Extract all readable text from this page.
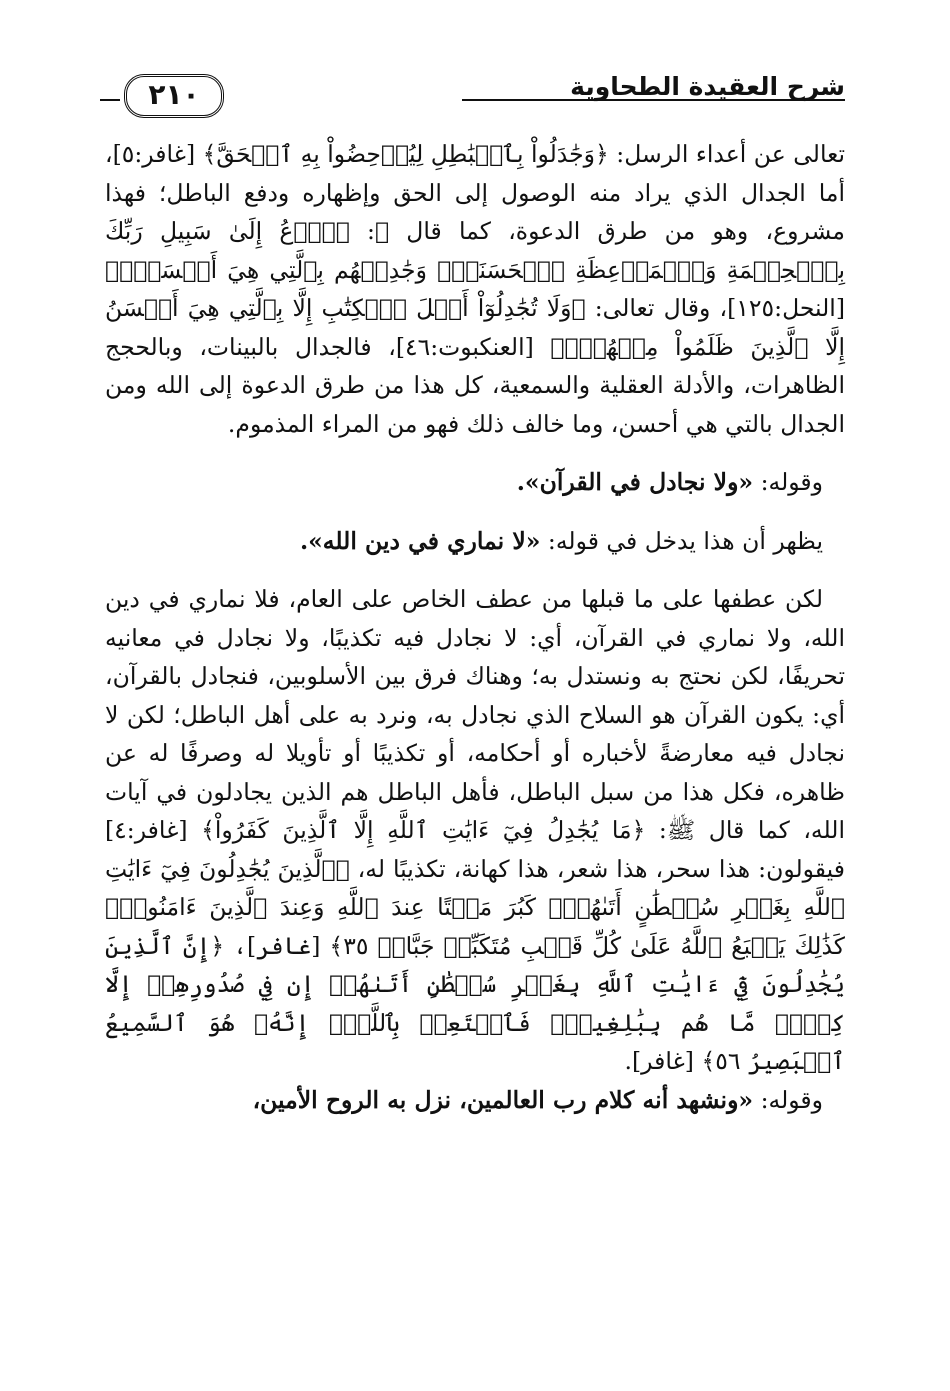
شرح العقيدة الطحاوية
٢١٠

تعالى عن أعداء الرسل: ﴿وَجَٰدَلُواْ بِٱلۡبَٰطِلِ لِيُدۡحِضُواْ بِهِ ٱلۡحَقَّ﴾ [غافر:٥]، أما الجدال الذي يراد منه الوصول إلى الحق وإظهاره ودفع الباطل؛ فهذا مشروع، وهو من طرق الدعوة، كما قال ﷺ: ﴿ٱدۡعُ إِلَىٰ سَبِيلِ رَبِّكَ بِٱلۡحِكۡمَةِ وَٱلۡمَوۡعِظَةِ ٱلۡحَسَنَةِۖ وَجَٰدِلۡهُم بِٱلَّتِي هِيَ أَحۡسَنُۚ﴾ [النحل:١٢٥]، وقال تعالى: ﴿وَلَا تُجَٰدِلُوٓاْ أَهۡلَ ٱلۡكِتَٰبِ إِلَّا بِٱلَّتِي هِيَ أَحۡسَنُ إِلَّا ٱلَّذِينَ ظَلَمُواْ مِنۡهُمۡۖ﴾ [العنكبوت:٤٦]، فالجدال بالبينات، وبالحجج الظاهرات، والأدلة العقلية والسمعية، كل هذا من طرق الدعوة إلى الله ومن الجدال بالتي هي أحسن، وما خالف ذلك فهو من المراء المذموم.

وقوله: «ولا نجادل في القرآن».

يظهر أن هذا يدخل في قوله: «لا نماري في دين الله».

لكن عطفها على ما قبلها من عطف الخاص على العام، فلا نماري في دين الله، ولا نماري في القرآن، أي: لا نجادل فيه تكذيبًا، ولا نجادل في معانيه تحريفًا، لكن نحتج به ونستدل به؛ وهناك فرق بين الأسلوبين، فنجادل بالقرآن، أي: يكون القرآن هو السلاح الذي نجادل به، ونرد به على أهل الباطل؛ لكن لا نجادل فيه معارضةً لأخباره أو أحكامه، أو تكذيبًا أو تأويلا له وصرفًا له عن ظاهره، فكل هذا من سبل الباطل، فأهل الباطل هم الذين يجادلون في آيات الله، كما قال ﷺ: ﴿مَا يُجَٰدِلُ فِيٓ ءَايَٰتِ ٱللَّهِ إِلَّا ٱلَّذِينَ كَفَرُواْ﴾ [غافر:٤] فيقولون: هذا سحر، هذا شعر، هذا كهانة، تكذيبًا له، ﴿ٱلَّذِينَ يُجَٰدِلُونَ فِيٓ ءَايَٰتِ ٱللَّهِ بِغَيۡرِ سُلۡطَٰنٍ أَتَىٰهُمۡۖ كَبُرَ مَقۡتًا عِندَ ٱللَّهِ وَعِندَ ٱلَّذِينَ ءَامَنُواْۚ كَذَٰلِكَ يَطۡبَعُ ٱللَّهُ عَلَىٰ كُلِّ قَلۡبِ مُتَكَبِّرٖ جَبَّارٖ ٣٥﴾ [غافر]، ﴿إِنَّ ٱلَّذِينَ يُجَٰدِلُونَ فِيٓ ءَايَٰتِ ٱللَّهِ بِغَيۡرِ سُلۡطَٰنٍ أَتَىٰهُمۡ إِن فِي صُدُورِهِمۡ إِلَّا كِبۡرٞ مَّا هُم بِبَٰلِغِيهِۚ فَٱسۡتَعِذۡ بِٱللَّهِۖ إِنَّهُۥ هُوَ ٱلسَّمِيعُ ٱلۡبَصِيرُ ٥٦﴾ [غافر].

وقوله: «ونشهد أنه كلام رب العالمين، نزل به الروح الأمين،
